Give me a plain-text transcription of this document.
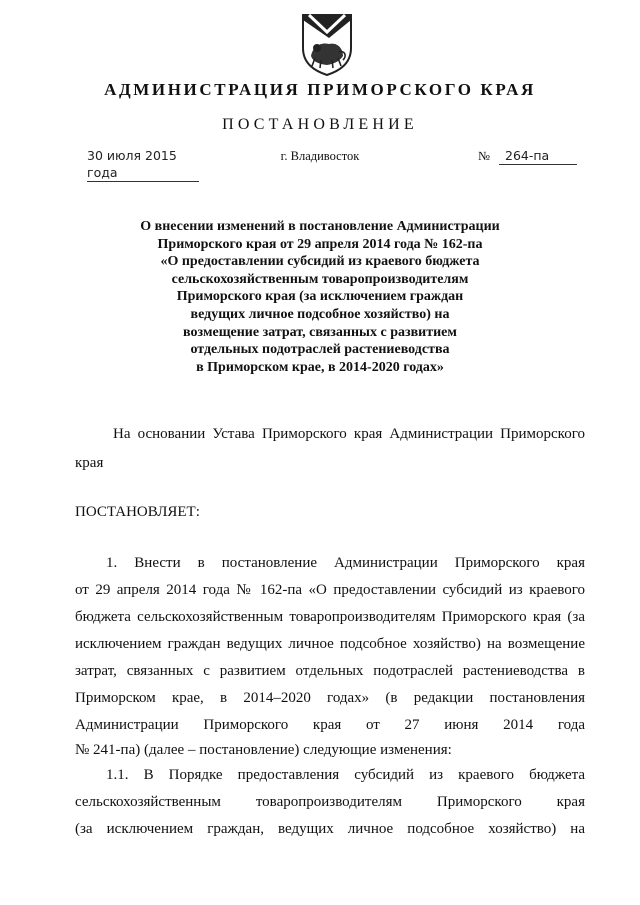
АДМИНИСТРАЦИЯ ПРИМОРСКОГО КРАЯ
ПОСТАНОВЛЕНИЕ
30 июля 2015 года
г. Владивосток	№	264-па
О внесении изменений в постановление Администрации
Приморского края от 29 апреля 2014 года № 162-па
«О предоставлении субсидий из краевого бюджета
сельскохозяйственным товаропроизводителям
Приморского края (за исключением граждан
ведущих личное подсобное хозяйство) на
возмещение затрат, связанных с развитием
отдельных подотраслей растениеводства
в Приморском крае, в 2014-2020 годах»
На основании Устава Приморского края Администрации Приморского
края
ПОСТАНОВЛЯЕТ:
1. Внести в постановление Администрации Приморского края
от 29 апреля 2014 года № 162-па «О предоставлении субсидий из краевого
бюджета сельскохозяйственным товаропроизводителям Приморского края (за
исключением граждан ведущих личное подсобное хозяйство) на возмещение
затрат, связанных с развитием отдельных подотраслей растениеводства в
Приморском крае, в 2014–2020 годах» (в редакции постановления
Администрации Приморского края от 27 июня 2014 года
№ 241-па) (далее – постановление) следующие изменения:
1.1. В Порядке предоставления субсидий из краевого бюджета
сельскохозяйственным товаропроизводителям Приморского края
(за исключением граждан, ведущих личное подсобное хозяйство) на
